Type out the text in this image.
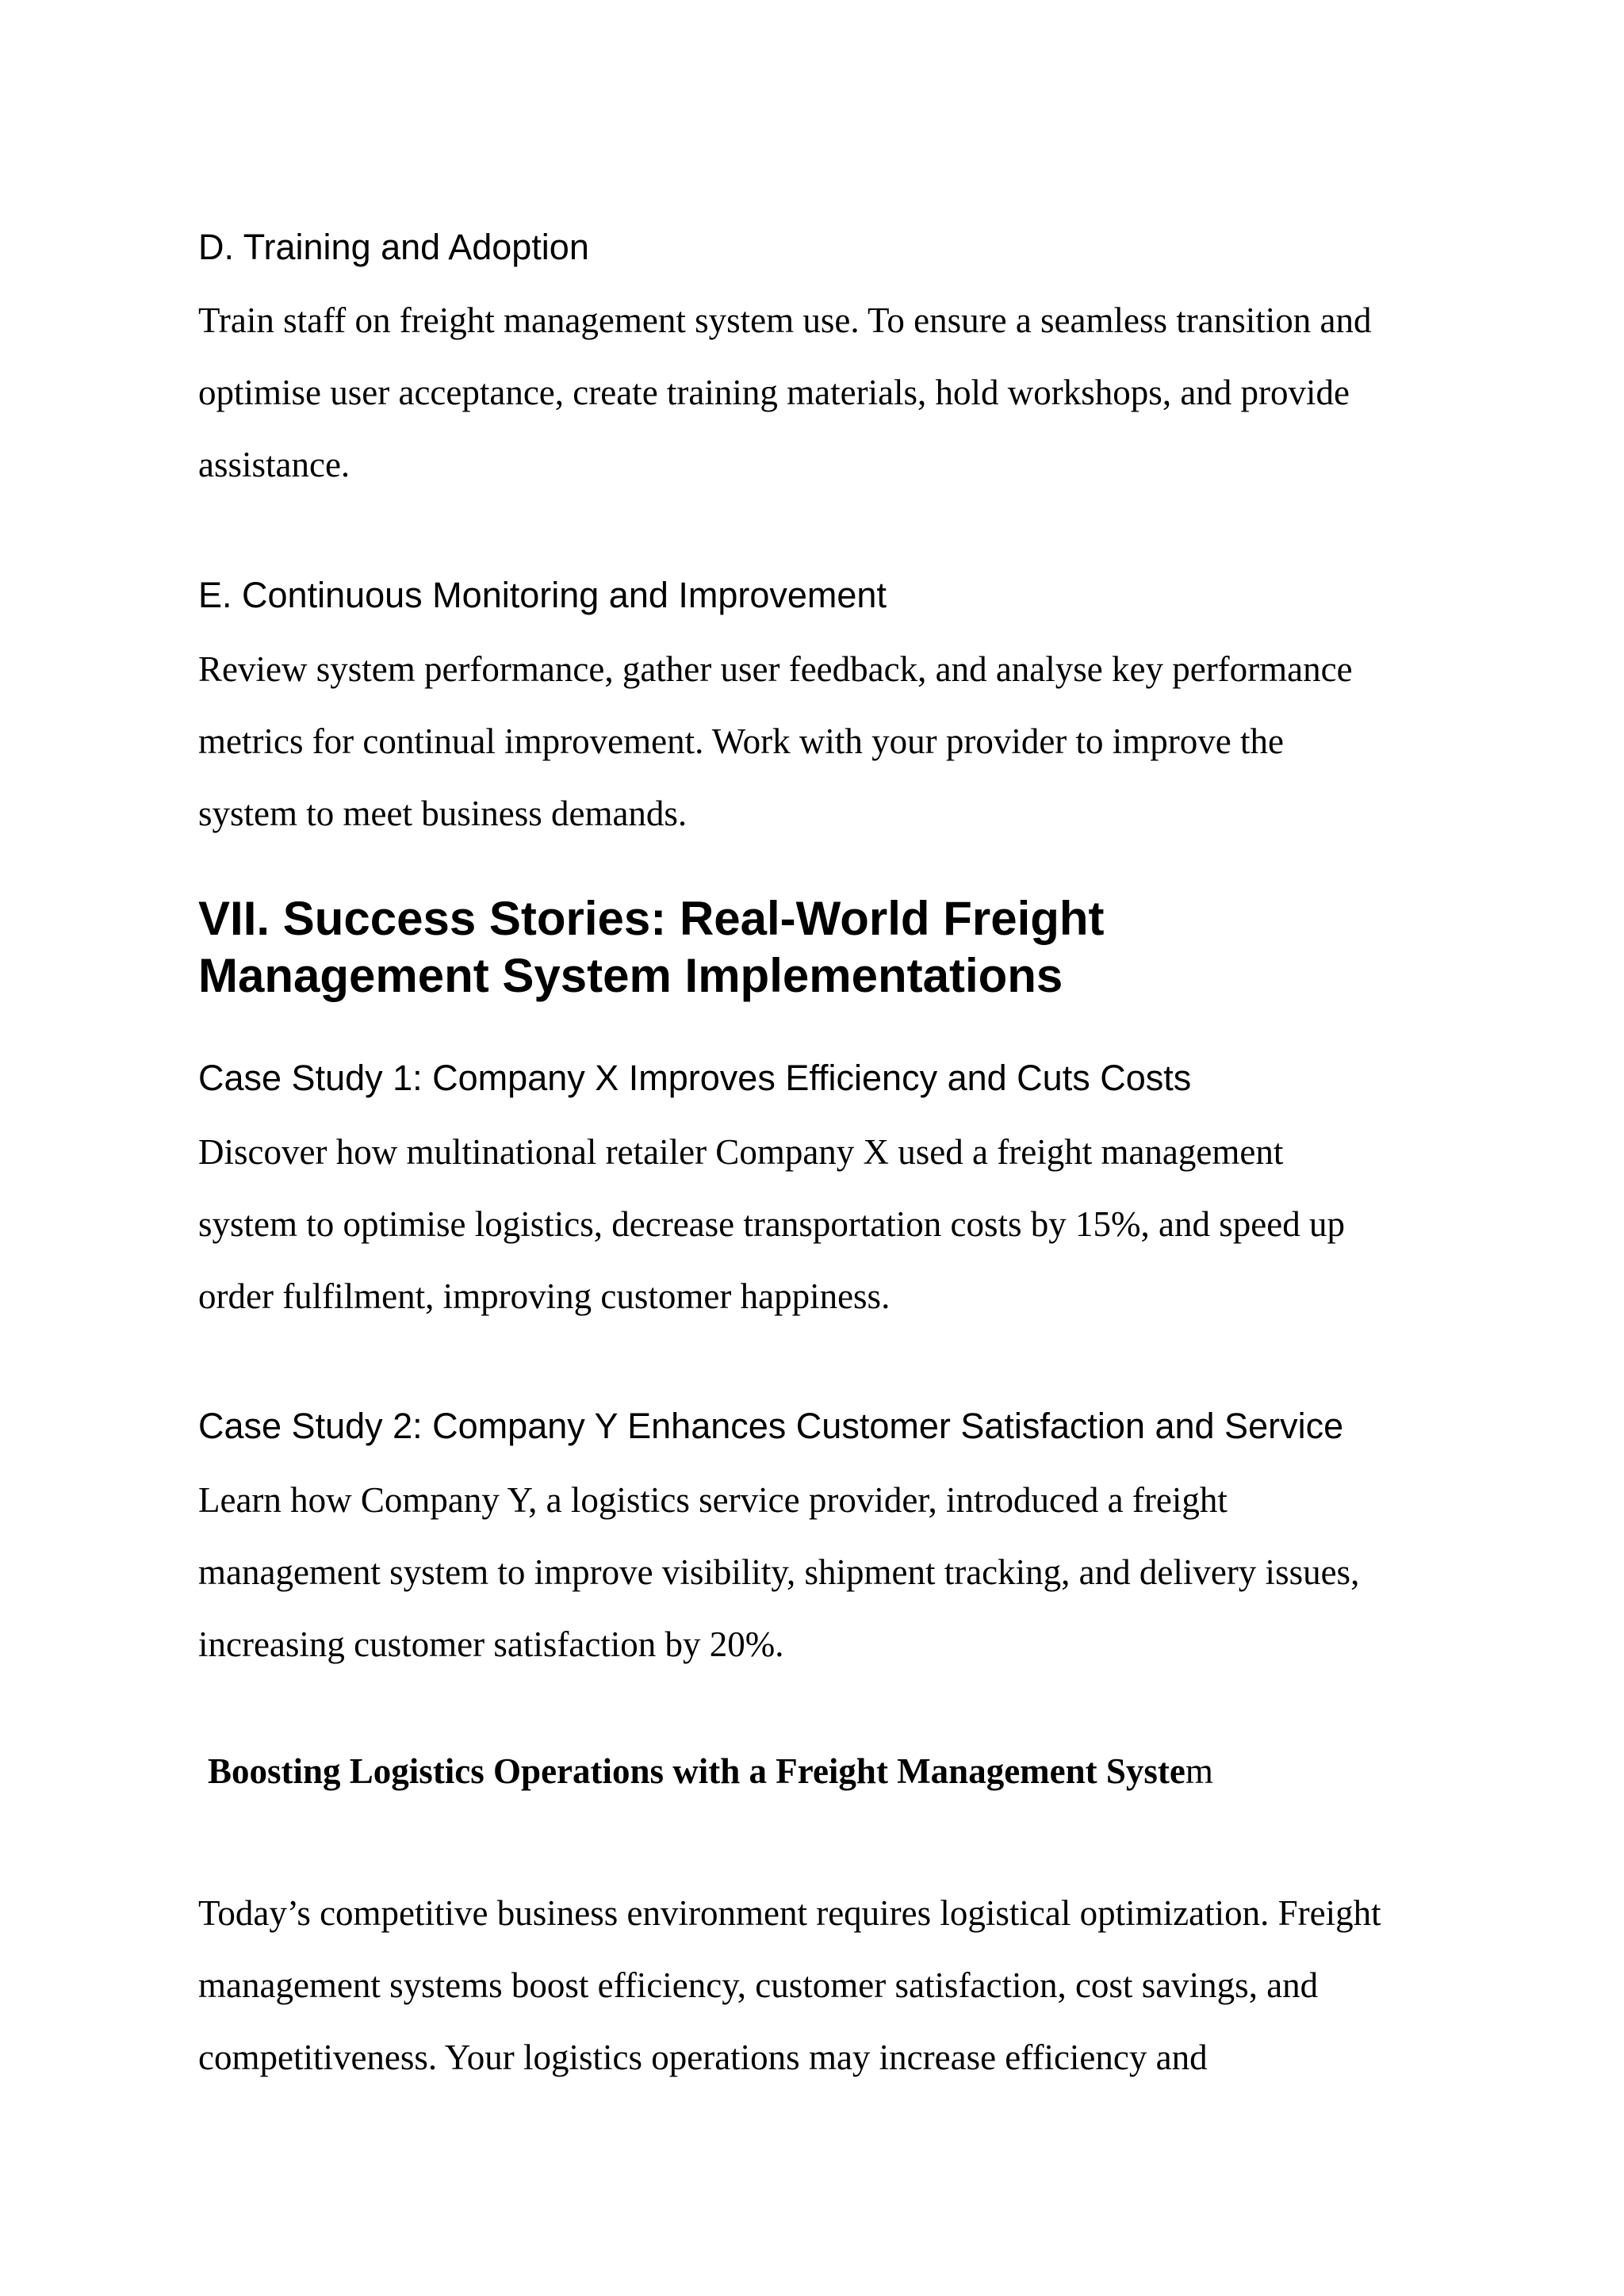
D. Training and Adoption

Train staff on freight management system use. To ensure a seamless transition and
optimise user acceptance, create training materials, hold workshops, and provide
assistance.

E. Continuous Monitoring and Improvement

Review system performance, gather user feedback, and analyse key performance
metrics for continual improvement. Work with your provider to improve the
system to meet business demands.

VII. Success Stories: Real-World Freight
Management System Implementations
Case Study 1: Company X Improves Efficiency and Cuts Costs

Discover how multinational retailer Company X used a freight management
system to optimise logistics, decrease transportation costs by 15%, and speed up
order fulfilment, improving customer happiness.

Case Study 2: Company Y Enhances Customer Satisfaction and Service

Learn how Company Y, a logistics service provider, introduced a freight
management system to improve visibility, shipment tracking, and delivery issues,
increasing customer satisfaction by 20%.

Boosting Logistics Operations with a Freight Management System

Today’s competitive business environment requires logistical optimization. Freight
management systems boost efficiency, customer satisfaction, cost savings, and
competitiveness. Your logistics operations may increase efficiency and
